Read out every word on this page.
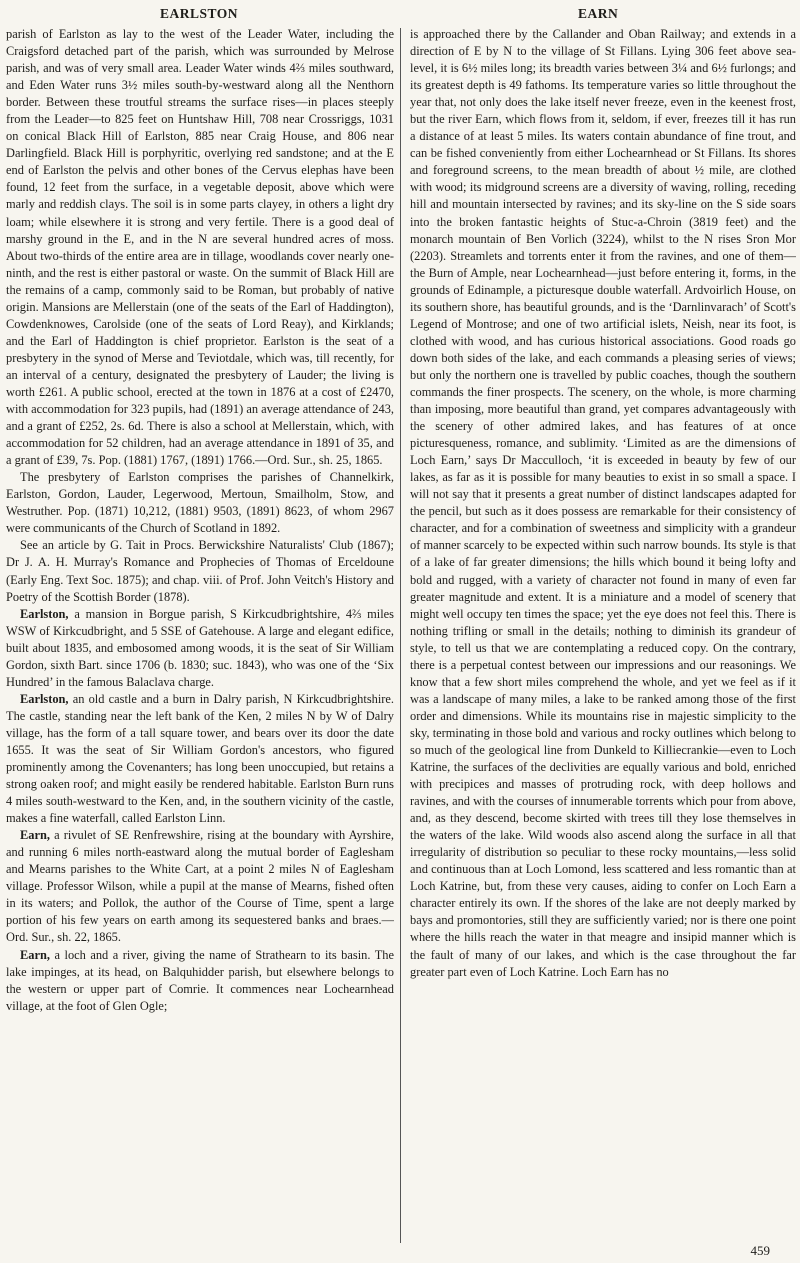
EARLSTON	EARN

parish of Earlston as lay to the west of the Leader Water, including the Craigsford detached part of the parish, which was surrounded by Melrose parish, and was of very small area. Leader Water winds 4⅔ miles southward, and Eden Water runs 3½ miles south-by-westward along all the Nenthorn border. Between these troutful streams the surface rises—in places steeply from the Leader—to 825 feet on Huntshaw Hill, 708 near Crossriggs, 1031 on conical Black Hill of Earlston, 885 near Craig House, and 806 near Darlingfield. Black Hill is porphyritic, overlying red sandstone; and at the E end of Earlston the pelvis and other bones of the Cervus elephas have been found, 12 feet from the surface, in a vegetable deposit, above which were marly and reddish clays. The soil is in some parts clayey, in others a light dry loam; while elsewhere it is strong and very fertile. There is a good deal of marshy ground in the E, and in the N are several hundred acres of moss. About two-thirds of the entire area are in tillage, woodlands cover nearly one-ninth, and the rest is either pastoral or waste. On the summit of Black Hill are the remains of a camp, commonly said to be Roman, but probably of native origin. Mansions are Mellerstain (one of the seats of the Earl of Haddington), Cowdenknowes, Carolside (one of the seats of Lord Reay), and Kirklands; and the Earl of Haddington is chief proprietor. Earlston is the seat of a presbytery in the synod of Merse and Teviotdale, which was, till recently, for an interval of a century, designated the presbytery of Lauder; the living is worth £261. A public school, erected at the town in 1876 at a cost of £2470, with accommodation for 323 pupils, had (1891) an average attendance of 243, and a grant of £252, 2s. 6d. There is also a school at Mellerstain, which, with accommodation for 52 children, had an average attendance in 1891 of 35, and a grant of £39, 7s. Pop. (1881) 1767, (1891) 1766.—Ord. Sur., sh. 25, 1865.

The presbytery of Earlston comprises the parishes of Channelkirk, Earlston, Gordon, Lauder, Legerwood, Mertoun, Smailholm, Stow, and Westruther. Pop. (1871) 10,212, (1881) 9503, (1891) 8623, of whom 2967 were communicants of the Church of Scotland in 1892.

See an article by G. Tait in Procs. Berwickshire Naturalists' Club (1867); Dr J. A. H. Murray's Romance and Prophecies of Thomas of Erceldoune (Early Eng. Text Soc. 1875); and chap. viii. of Prof. John Veitch's History and Poetry of the Scottish Border (1878).

Earlston, a mansion in Borgue parish, S Kirkcudbrightshire, 4⅔ miles WSW of Kirkcudbright, and 5 SSE of Gatehouse. A large and elegant edifice, built about 1835, and embosomed among woods, it is the seat of Sir William Gordon, sixth Bart. since 1706 (b. 1830; suc. 1843), who was one of the ‘Six Hundred’ in the famous Balaclava charge.

Earlston, an old castle and a burn in Dalry parish, N Kirkcudbrightshire. The castle, standing near the left bank of the Ken, 2 miles N by W of Dalry village, has the form of a tall square tower, and bears over its door the date 1655. It was the seat of Sir William Gordon's ancestors, who figured prominently among the Covenanters; has long been unoccupied, but retains a strong oaken roof; and might easily be rendered habitable. Earlston Burn runs 4 miles south-westward to the Ken, and, in the southern vicinity of the castle, makes a fine waterfall, called Earlston Linn.

Earn, a rivulet of SE Renfrewshire, rising at the boundary with Ayrshire, and running 6 miles north-eastward along the mutual border of Eaglesham and Mearns parishes to the White Cart, at a point 2 miles N of Eaglesham village. Professor Wilson, while a pupil at the manse of Mearns, fished often in its waters; and Pollok, the author of the Course of Time, spent a large portion of his few years on earth among its sequestered banks and braes.—Ord. Sur., sh. 22, 1865.

Earn, a loch and a river, giving the name of Strathearn to its basin. The lake impinges, at its head, on Balquhidder parish, but elsewhere belongs to the western or upper part of Comrie. It commences near Lochearnhead village, at the foot of Glen Ogle;

is approached there by the Callander and Oban Railway; and extends in a direction of E by N to the village of St Fillans. Lying 306 feet above sea-level, it is 6½ miles long; its breadth varies between 3¼ and 6½ furlongs; and its greatest depth is 49 fathoms. Its temperature varies so little throughout the year that, not only does the lake itself never freeze, even in the keenest frost, but the river Earn, which flows from it, seldom, if ever, freezes till it has run a distance of at least 5 miles. Its waters contain abundance of fine trout, and can be fished conveniently from either Lochearnhead or St Fillans. Its shores and foreground screens, to the mean breadth of about ½ mile, are clothed with wood; its midground screens are a diversity of waving, rolling, receding hill and mountain intersected by ravines; and its sky-line on the S side soars into the broken fantastic heights of Stuc-a-Chroin (3819 feet) and the monarch mountain of Ben Vorlich (3224), whilst to the N rises Sron Mor (2203). Streamlets and torrents enter it from the ravines, and one of them—the Burn of Ample, near Lochearnhead—just before entering it, forms, in the grounds of Edinample, a picturesque double waterfall. Ardvoirlich House, on its southern shore, has beautiful grounds, and is the ‘Darnlinvarach’ of Scott's Legend of Montrose; and one of two artificial islets, Neish, near its foot, is clothed with wood, and has curious historical associations. Good roads go down both sides of the lake, and each commands a pleasing series of views; but only the northern one is travelled by public coaches, though the southern commands the finer prospects. The scenery, on the whole, is more charming than imposing, more beautiful than grand, yet compares advantageously with the scenery of other admired lakes, and has features of at once picturesqueness, romance, and sublimity. ‘Limited as are the dimensions of Loch Earn,’ says Dr Macculloch, ‘it is exceeded in beauty by few of our lakes, as far as it is possible for many beauties to exist in so small a space. I will not say that it presents a great number of distinct landscapes adapted for the pencil, but such as it does possess are remarkable for their consistency of character, and for a combination of sweetness and simplicity with a grandeur of manner scarcely to be expected within such narrow bounds. Its style is that of a lake of far greater dimensions; the hills which bound it being lofty and bold and rugged, with a variety of character not found in many of even far greater magnitude and extent. It is a miniature and a model of scenery that might well occupy ten times the space; yet the eye does not feel this. There is nothing trifling or small in the details; nothing to diminish its grandeur of style, to tell us that we are contemplating a reduced copy. On the contrary, there is a perpetual contest between our impressions and our reasonings. We know that a few short miles comprehend the whole, and yet we feel as if it was a landscape of many miles, a lake to be ranked among those of the first order and dimensions. While its mountains rise in majestic simplicity to the sky, terminating in those bold and various and rocky outlines which belong to so much of the geological line from Dunkeld to Killiecrankie—even to Loch Katrine, the surfaces of the declivities are equally various and bold, enriched with precipices and masses of protruding rock, with deep hollows and ravines, and with the courses of innumerable torrents which pour from above, and, as they descend, become skirted with trees till they lose themselves in the waters of the lake. Wild woods also ascend along the surface in all that irregularity of distribution so peculiar to these rocky mountains,—less solid and continuous than at Loch Lomond, less scattered and less romantic than at Loch Katrine, but, from these very causes, aiding to confer on Loch Earn a character entirely its own. If the shores of the lake are not deeply marked by bays and promontories, still they are sufficiently varied; nor is there one point where the hills reach the water in that meagre and insipid manner which is the fault of many of our lakes, and which is the case throughout the far greater part even of Loch Katrine. Loch Earn has no

459
